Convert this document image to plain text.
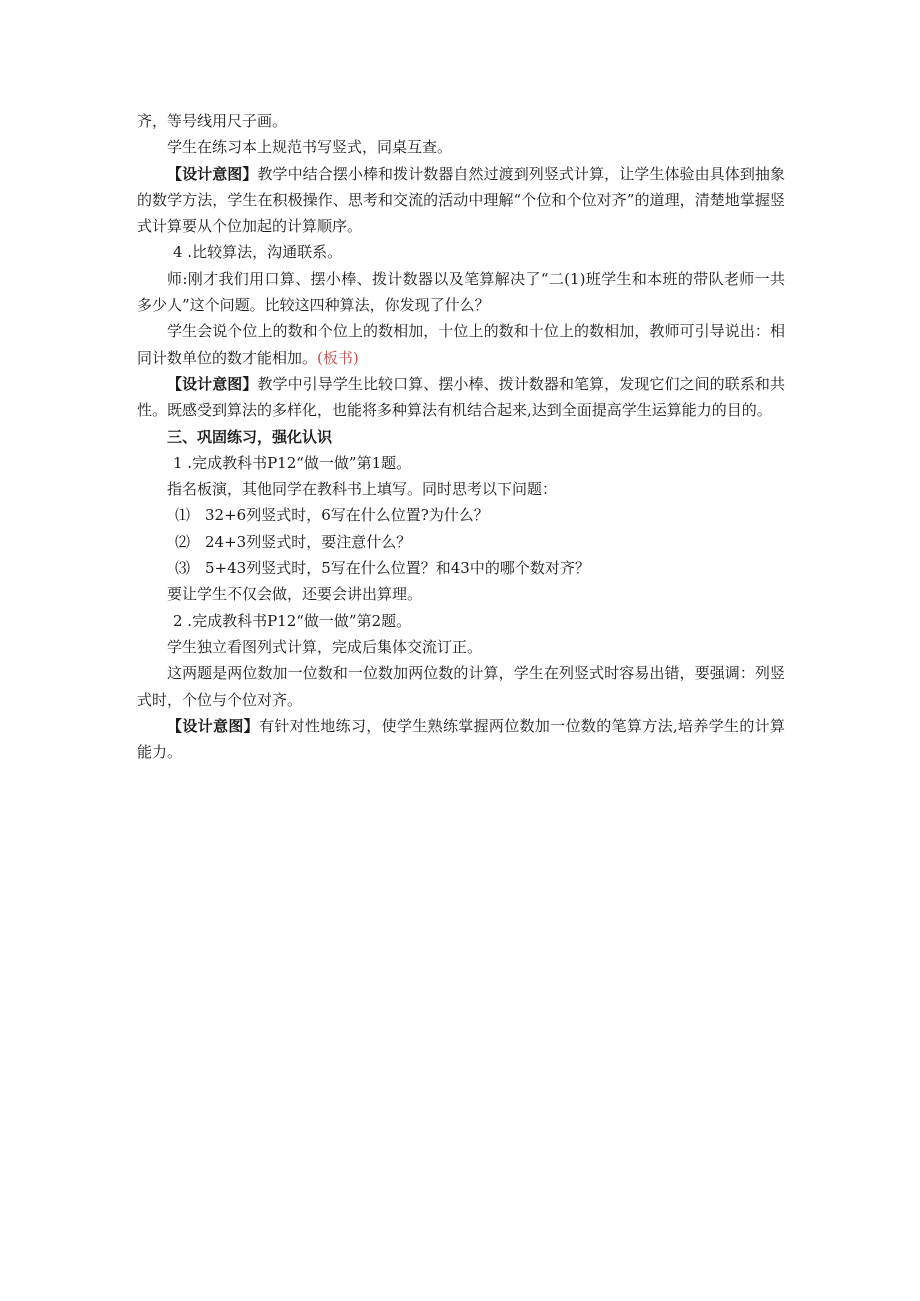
齐，等号线用尺子画。

学生在练习本上规范书写竖式，同桌互查。

【设计意图】教学中结合摆小棒和拨计数器自然过渡到列竖式计算，让学生体验由具体到抽象的数学方法，学生在积极操作、思考和交流的活动中理解“个位和个位对齐”的道理，清楚地掌握竖式计算要从个位加起的计算顺序。

4 .比较算法，沟通联系。

师:刚才我们用口算、摆小棒、拨计数器以及笔算解决了“二(1)班学生和本班的带队老师一共多少人”这个问题。比较这四种算法，你发现了什么？

学生会说个位上的数和个位上的数相加，十位上的数和十位上的数相加，教师可引导说出：相同计数单位的数才能相加。(板书)

【设计意图】教学中引导学生比较口算、摆小棒、拨计数器和笔算，发现它们之间的联系和共性。既感受到算法的多样化，也能将多种算法有机结合起来,达到全面提高学生运算能力的目的。

三、巩固练习，强化认识

1 .完成教科书P12“做一做”第1题。

指名板演，其他同学在教科书上填写。同时思考以下问题：

⑴　32+6列竖式时，6写在什么位置?为什么？

⑵　24+3列竖式时，要注意什么？

⑶　5+43列竖式时，5写在什么位置？和43中的哪个数对齐？

要让学生不仅会做，还要会讲出算理。

2 .完成教科书P12“做一做”第2题。

学生独立看图列式计算，完成后集体交流订正。

这两题是两位数加一位数和一位数加两位数的计算，学生在列竖式时容易出错，要强调：列竖式时，个位与个位对齐。

【设计意图】有针对性地练习，使学生熟练掌握两位数加一位数的笔算方法,培养学生的计算能力。
